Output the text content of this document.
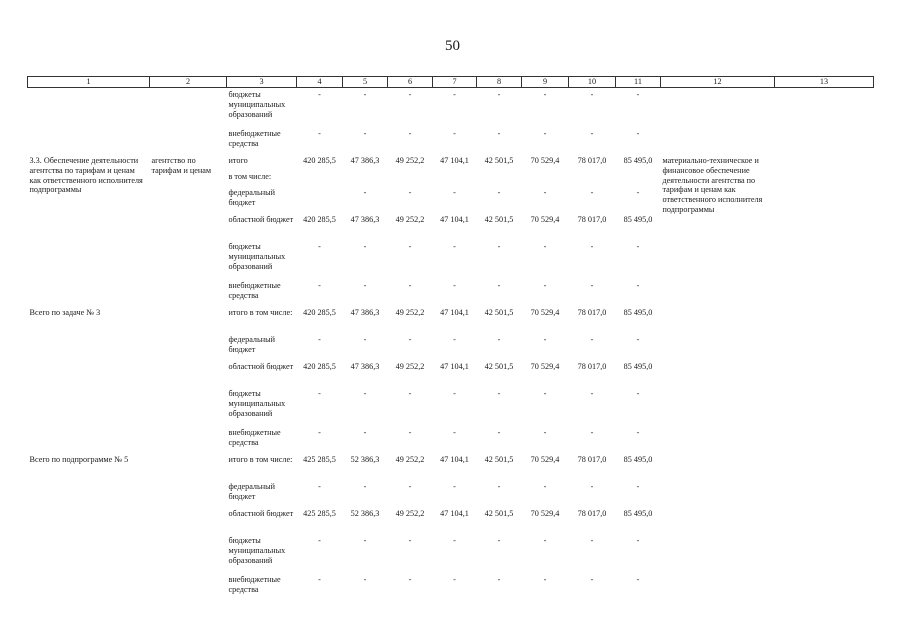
50
1	2	3	4	5	6	7	8	9	10	11	12	13
		бюджеты муниципальных образований	-	-	-	-	-	-	-	-		
		внебюджетные средства	-	-	-	-	-	-	-	-		
3.3. Обеспечение деятельности агентства по тарифам и ценам как ответственного исполнителя подпрограммы	агентство по тарифам и ценам	итого	420 285,5	47 386,3	49 252,2	47 104,1	42 501,5	70 529,4	78 017,0	85 495,0	материально-техническое и финансовое обеспечение деятельности агентства по тарифам и ценам как ответственного исполнителя подпрограммы	
		в том числе:										
		федеральный бюджет		-	-	-	-	-	-	-		
		областной бюджет	420 285,5	47 386,3	49 252,2	47 104,1	42 501,5	70 529,4	78 017,0	85 495,0		
		бюджеты муниципальных образований	-	-	-	-	-	-	-	-		
		внебюджетные средства	-	-	-	-	-	-	-	-		
Всего по задаче № 3		итого в том числе:	420 285,5	47 386,3	49 252,2	47 104,1	42 501,5	70 529,4	78 017,0	85 495,0		
		федеральный бюджет	-	-	-	-	-	-	-	-		
		областной бюджет	420 285,5	47 386,3	49 252,2	47 104,1	42 501,5	70 529,4	78 017,0	85 495,0		
		бюджеты муниципальных образований	-	-	-	-	-	-	-	-		
		внебюджетные средства	-	-	-	-	-	-	-	-		
Всего по подпрограмме № 5		итого в том числе:	425 285,5	52 386,3	49 252,2	47 104,1	42 501,5	70 529,4	78 017,0	85 495,0		
		федеральный бюджет	-	-	-	-	-	-	-	-		
		областной бюджет	425 285,5	52 386,3	49 252,2	47 104,1	42 501,5	70 529,4	78 017,0	85 495,0		
		бюджеты муниципальных образований	-	-	-	-	-	-	-	-		
		внебюджетные средства	-	-	-	-	-	-	-	-		
